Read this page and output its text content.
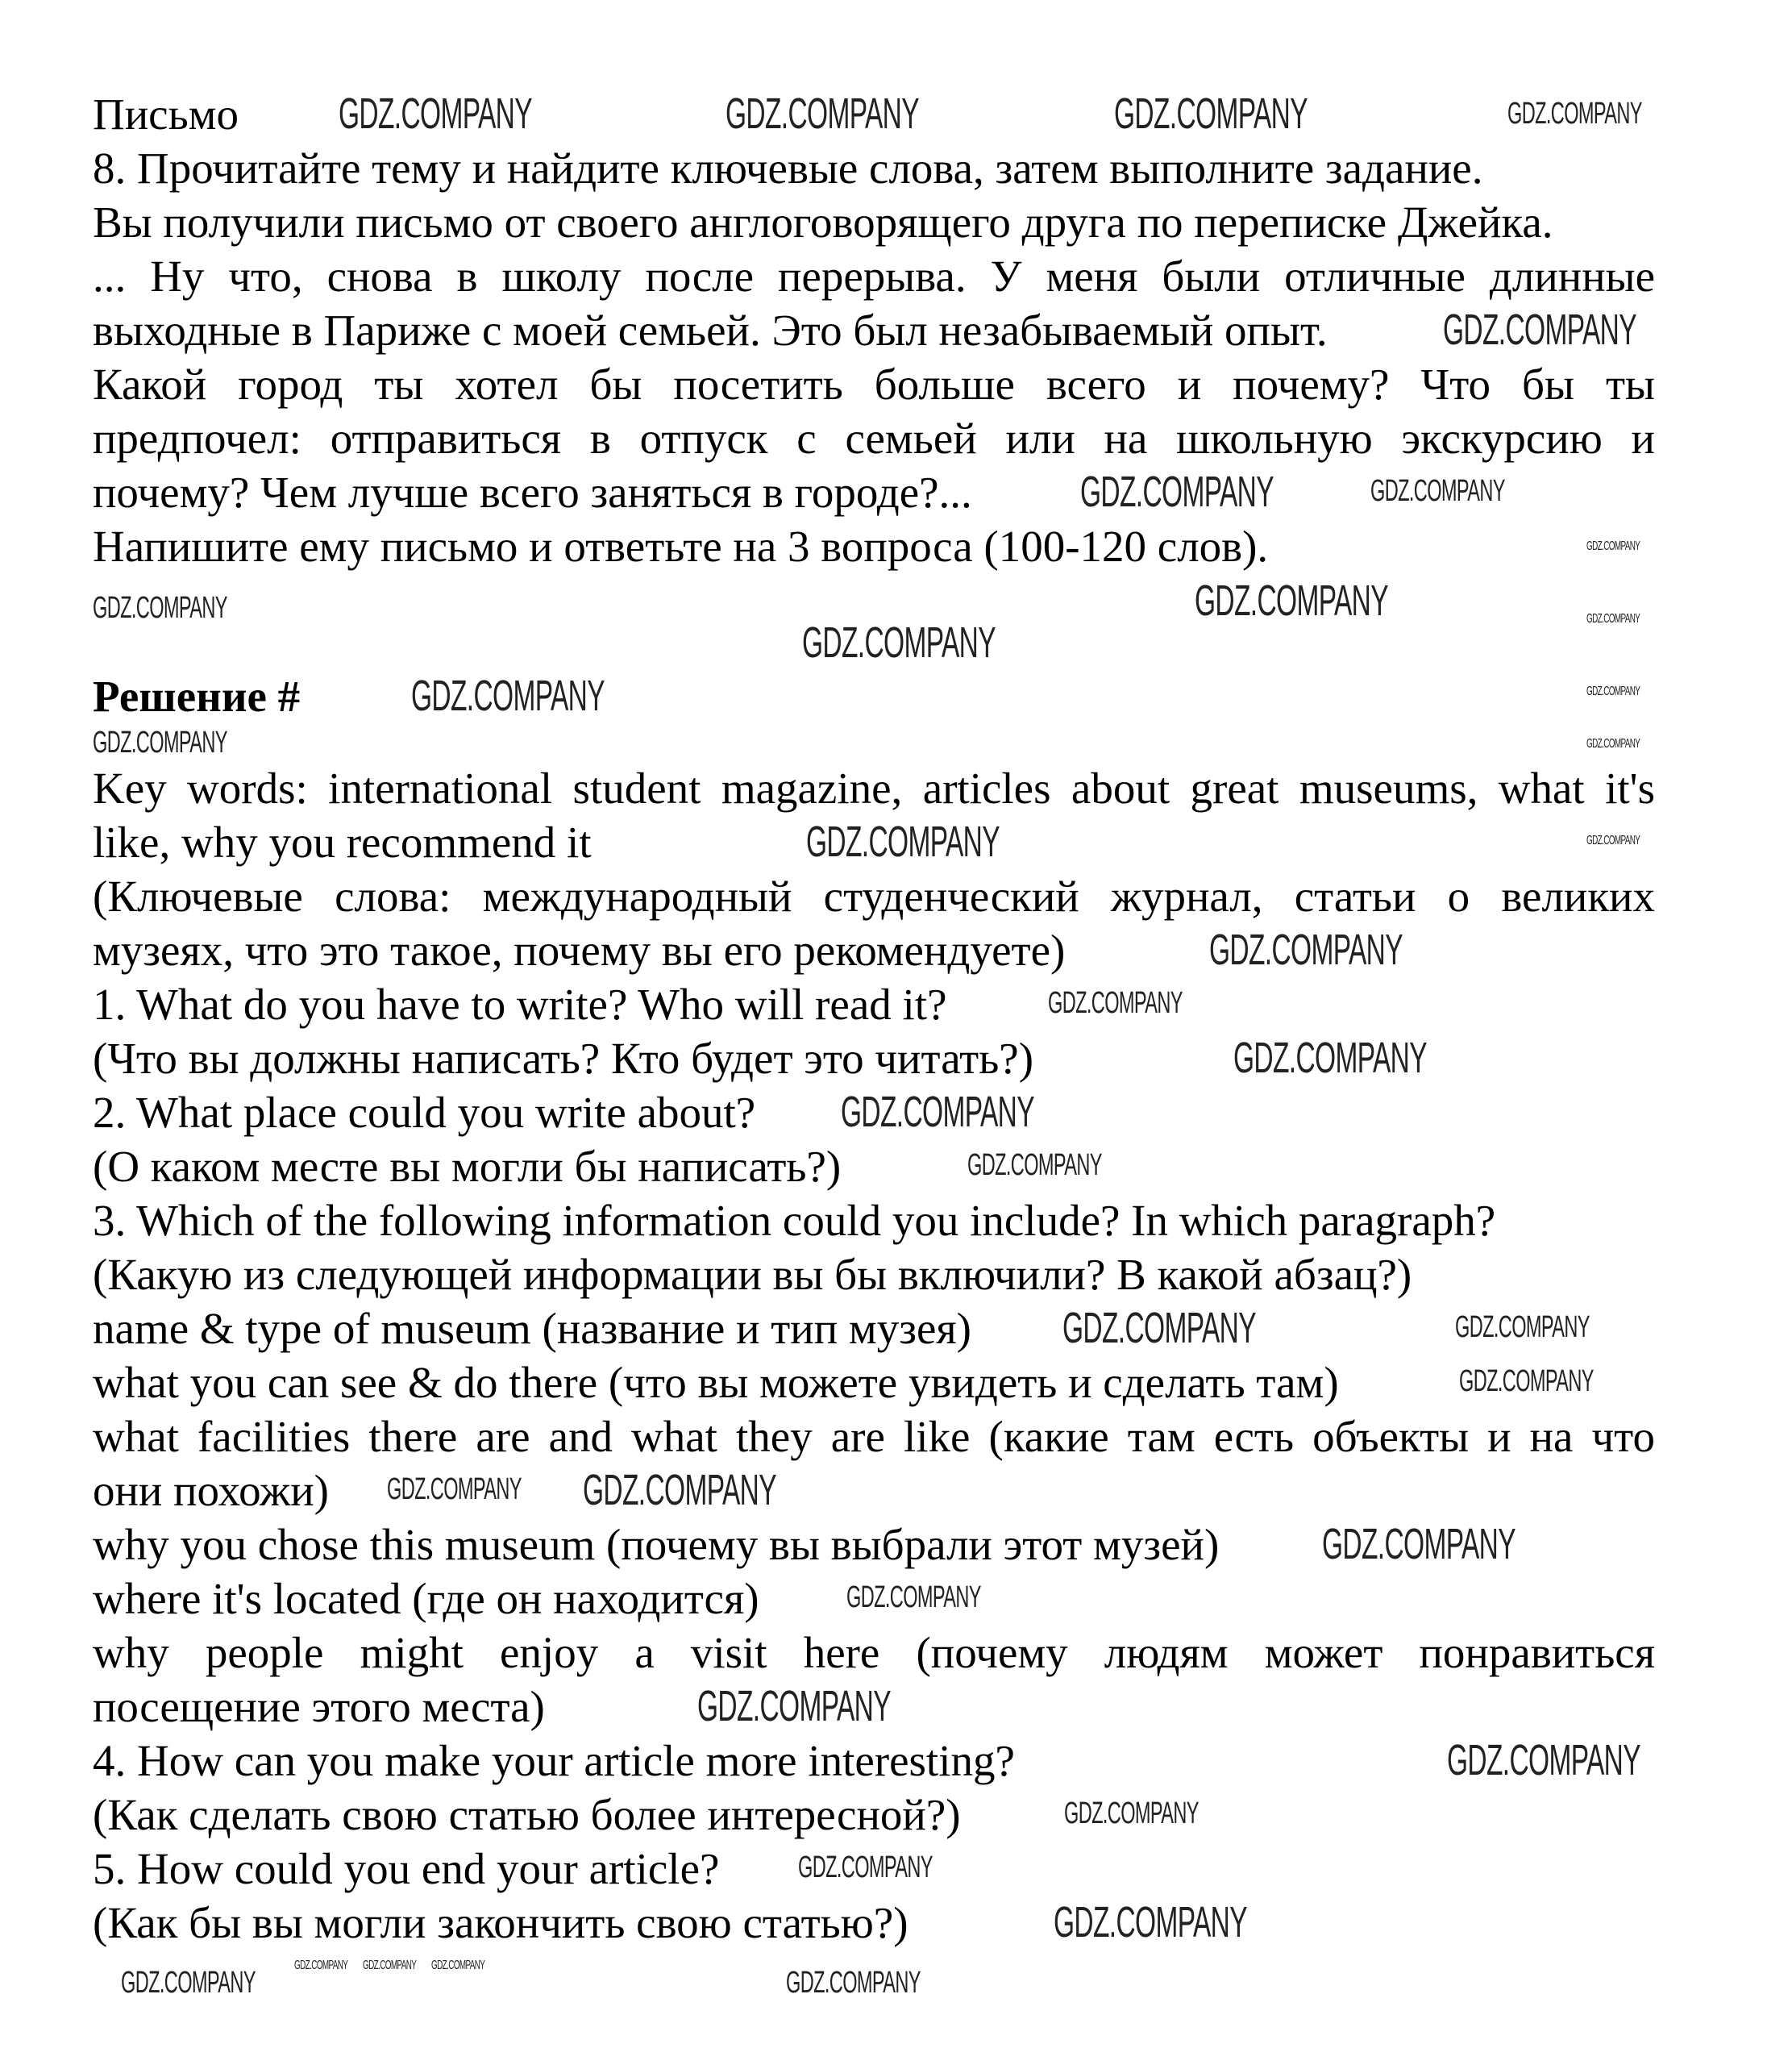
Письмо
8. Прочитайте тему и найдите ключевые слова, затем выполните задание.
Вы получили письмо от своего англоговорящего друга по переписке Джейка.
... Ну что, снова в школу после перерыва. У меня были отличные длинные
выходные в Париже с моей семьей. Это был незабываемый опыт.
Какой город ты хотел бы посетить больше всего и почему? Что бы ты
предпочел: отправиться в отпуск с семьей или на школьную экскурсию и
почему? Чем лучше всего заняться в городе?...
Напишите ему письмо и ответьте на 3 вопроса (100-120 слов).
Решение #
Key words: international student magazine, articles about great museums, what it's
like, why you recommend it
(Ключевые слова: международный студенческий журнал, статьи о великих
музеях, что это такое, почему вы его рекомендуете)
1. What do you have to write? Who will read it?
(Что вы должны написать? Кто будет это читать?)
2. What place could you write about?
(О каком месте вы могли бы написать?)
3. Which of the following information could you include? In which paragraph?
(Какую из следующей информации вы бы включили? В какой абзац?)
name & type of museum (название и тип музея)
what you can see & do there (что вы можете увидеть и сделать там)
what facilities there are and what they are like (какие там есть объекты и на что
они похожи)
why you chose this museum (почему вы выбрали этот музей)
where it's located (где он находится)
why people might enjoy a visit here (почему людям может понравиться
посещение этого места)
4. How can you make your article more interesting?
(Как сделать свою статью более интересной?)
5. How could you end your article?
(Как бы вы могли закончить свою статью?)
GDZ.COMPANY	GDZ.COMPANY	GDZ.COMPANY	GDZ.COMPANY
GDZ.COMPANY
GDZ.COMPANY	GDZ.COMPANY
GDZ.COMPANY
GDZ.COMPANY
GDZ.COMPANY
GDZ.COMPANY	GDZ.COMPANY
GDZ.COMPANY	GDZ.COMPANY
GDZ.COMPANY	GDZ.COMPANY
GDZ.COMPANY	GDZ.COMPANY
GDZ.COMPANY
GDZ.COMPANY
GDZ.COMPANY
GDZ.COMPANY
GDZ.COMPANY
GDZ.COMPANY	GDZ.COMPANY
GDZ.COMPANY
GDZ.COMPANY GDZ.COMPANY
GDZ.COMPANY
GDZ.COMPANY
GDZ.COMPANY
GDZ.COMPANY
GDZ.COMPANY
GDZ.COMPANY
GDZ.COMPANY
GDZ.COMPANY	GDZ.COMPANY
GDZ.COMPANY GDZ.COMPANY GDZ.COMPANY
